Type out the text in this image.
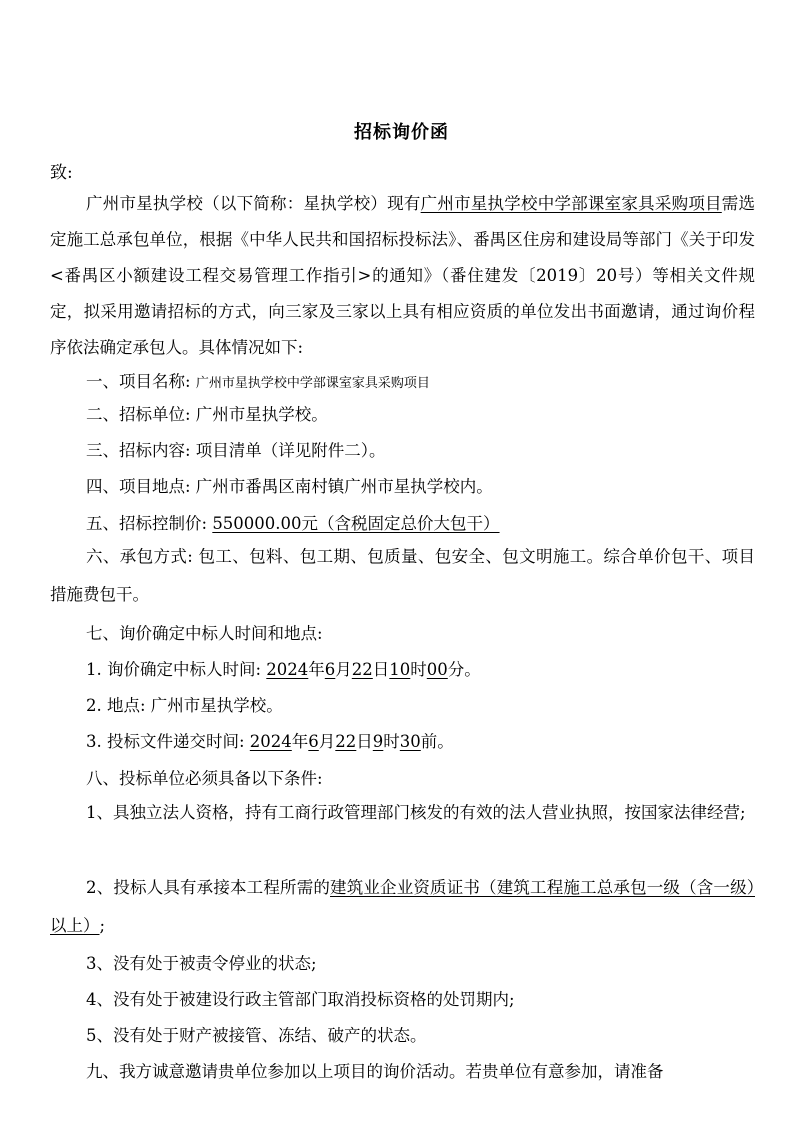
招标询价函
致:
广州市星执学校（以下简称：星执学校）现有广州市星执学校中学部课室家具采购项目需选定施工总承包单位，根据《中华人民共和国招标投标法》、番禺区住房和建设局等部门《关于印发<番禺区小额建设工程交易管理工作指引>的通知》（番住建发〔2019〕20号）等相关文件规定，拟采用邀请招标的方式，向三家及三家以上具有相应资质的单位发出书面邀请，通过询价程序依法确定承包人。具体情况如下:
一、项目名称: 广州市星执学校中学部课室家具采购项目
二、招标单位: 广州市星执学校。
三、招标内容: 项目清单（详见附件二）。
四、项目地点: 广州市番禺区南村镇广州市星执学校内。
五、招标控制价: 550000.00元（含税固定总价大包干）
六、承包方式: 包工、包料、包工期、包质量、包安全、包文明施工。综合单价包干、项目措施费包干。
七、询价确定中标人时间和地点:
1. 询价确定中标人时间: 2024年6月22日10时00分。
2. 地点: 广州市星执学校。
3. 投标文件递交时间: 2024年6月22日9时30前。
八、投标单位必须具备以下条件:
1、具独立法人资格，持有工商行政管理部门核发的有效的法人营业执照，按国家法律经营;
2、投标人具有承接本工程所需的建筑业企业资质证书（建筑工程施工总承包一级（含一级）以上）;
3、没有处于被责令停业的状态;
4、没有处于被建设行政主管部门取消投标资格的处罚期内;
5、没有处于财产被接管、冻结、破产的状态。
九、我方诚意邀请贵单位参加以上项目的询价活动。若贵单位有意参加，请准备
